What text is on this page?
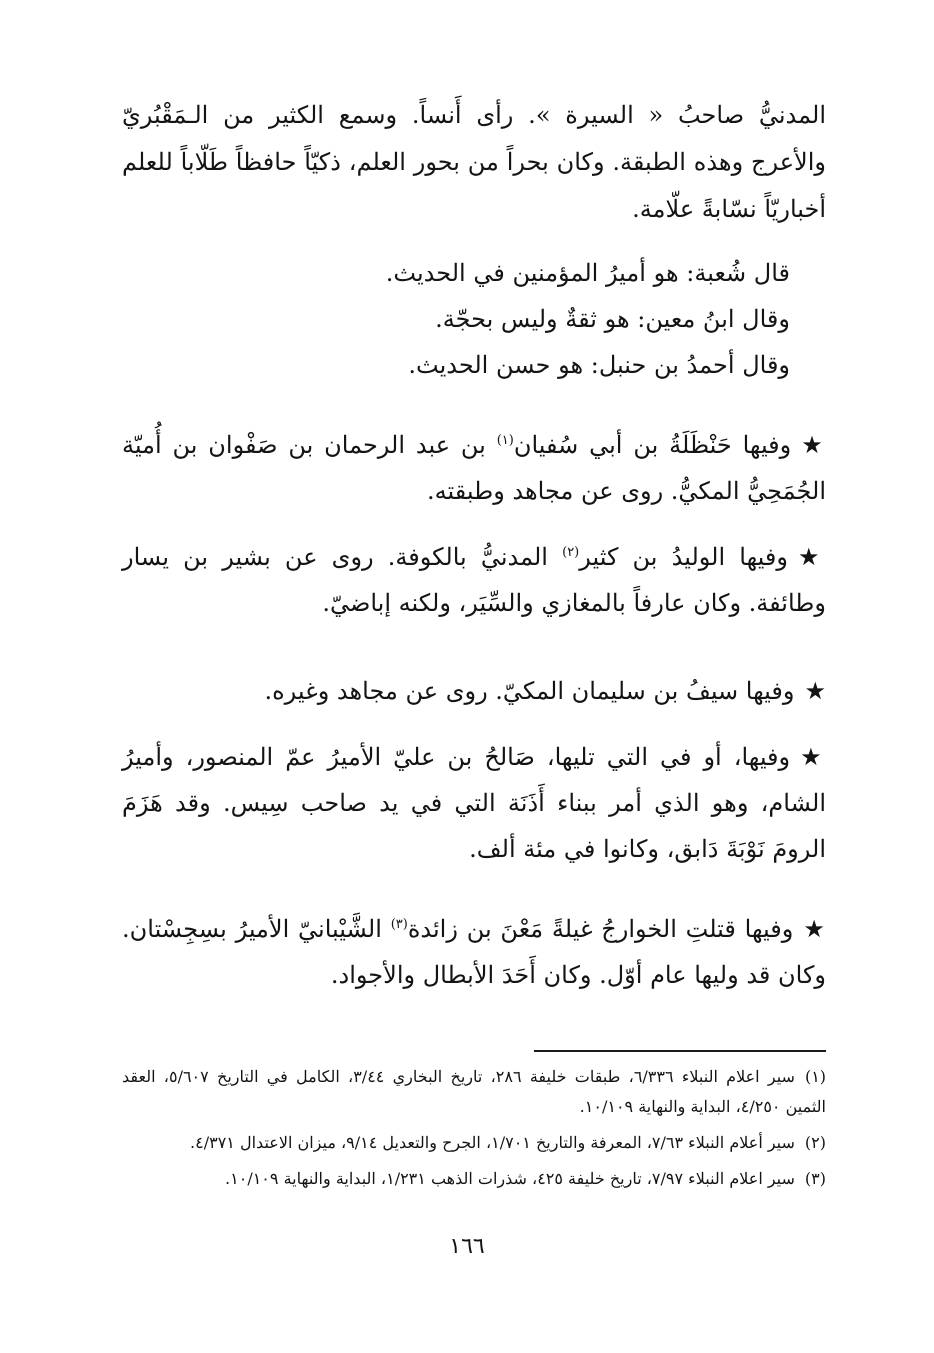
المدنيُّ صاحبُ « السيرة ». رأى أَنساً. وسمع الكثير من الـمَقْبُريّ والأعرج وهذه الطبقة. وكان بحراً من بحور العلم، ذكيّاً حافظاً طَلّاباً للعلم أخباريّاً نسّابةً علّامة.

قال شُعبة: هو أميرُ المؤمنين في الحديث.
وقال ابنُ معين: هو ثقةٌ وليس بحجّة.
وقال أحمدُ بن حنبل: هو حسن الحديث.

★وفيها حَنْظَلَةُ بن أبي سُفيان$^{(١)}$ بن عبد الرحمان بن صَفْوان بن أُميّة الجُمَحِيُّ المكيُّ. روى عن مجاهد وطبقته.

★وفيها الوليدُ بن كثير$^{(٢)}$ المدنيُّ بالكوفة. روى عن بشير بن يسار وطائفة. وكان عارفاً بالمغازي والسِّيَر، ولكنه إباضيّ.

★وفيها سيفُ بن سليمان المكيّ. روى عن مجاهد وغيره.

★وفيها، أو في التي تليها، صَالحُ بن عليّ الأميرُ عمّ المنصور، وأميرُ الشام، وهو الذي أمر ببناء أَذَنَة التي في يد صاحب سِيس. وقد هَزَمَ الرومَ نَوْبَةَ دَابق، وكانوا في مئة ألف.

★وفيها قتلتِ الخوارجُ غيلةً مَعْنَ بن زائدة$^{(٣)}$ الشَّيْبانيّ الأميرُ بسِجِسْتان. وكان قد وليها عام أوّل. وكان أَحَدَ الأبطال والأجواد.

(١)سير اعلام النبلاء ٦/٣٣٦، طبقات خليفة ٢٨٦، تاريخ البخاري ٣/٤٤، الكامل في التاريخ ٥/٦٠٧، العقد الثمين ٤/٢٥٠، البداية والنهاية ١٠/١٠٩.

(٢)سير أعلام النبلاء ٧/٦٣، المعرفة والتاريخ ١/٧٠١، الجرح والتعديل ٩/١٤، ميزان الاعتدال ٤/٣٧١.

(٣)سير اعلام النبلاء ٧/٩٧، تاريخ خليفة ٤٢٥، شذرات الذهب ١/٢٣١، البداية والنهاية ١٠/١٠٩.

١٦٦
